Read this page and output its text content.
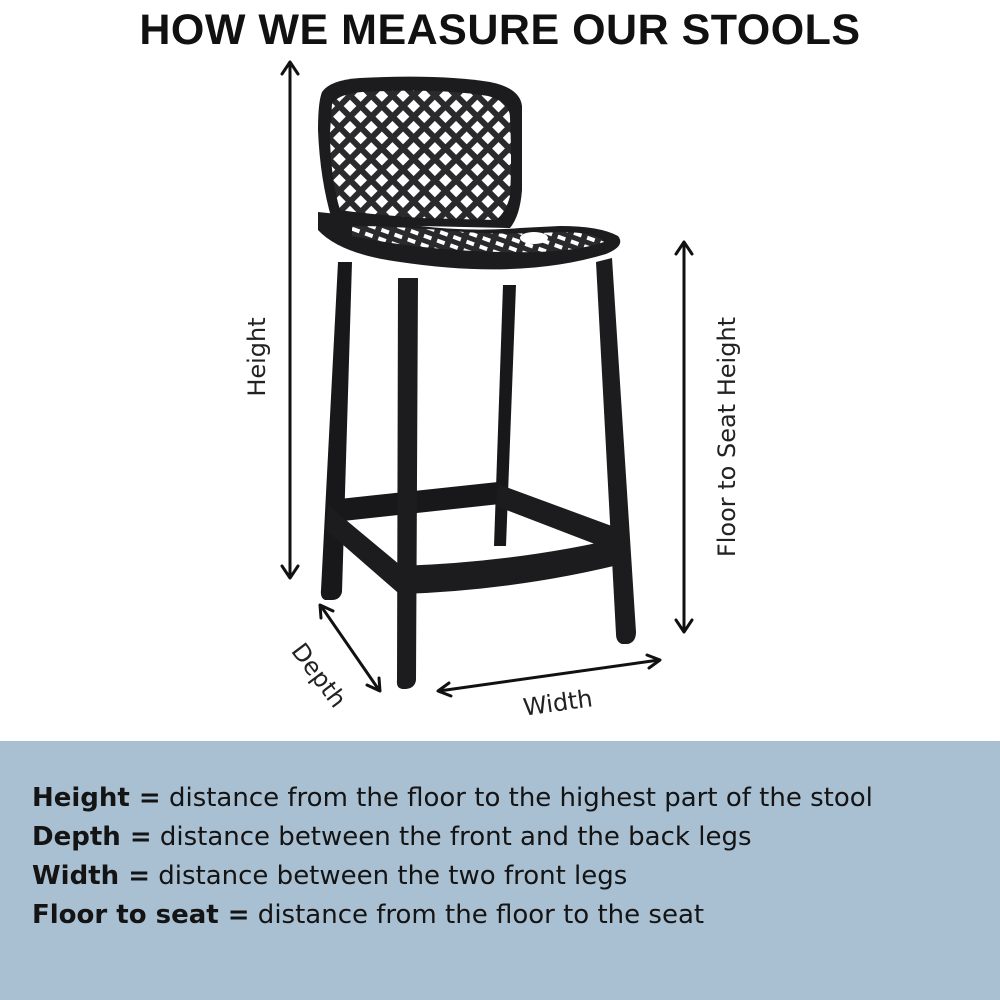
HOW WE MEASURE OUR STOOLS
Height	Floor to Seat Height
Depth	Width
Height = distance from the floor to the highest part of the stool
Depth = distance between the front and the back legs
Width = distance between the two front legs
Floor to seat = distance from the floor to the seat
